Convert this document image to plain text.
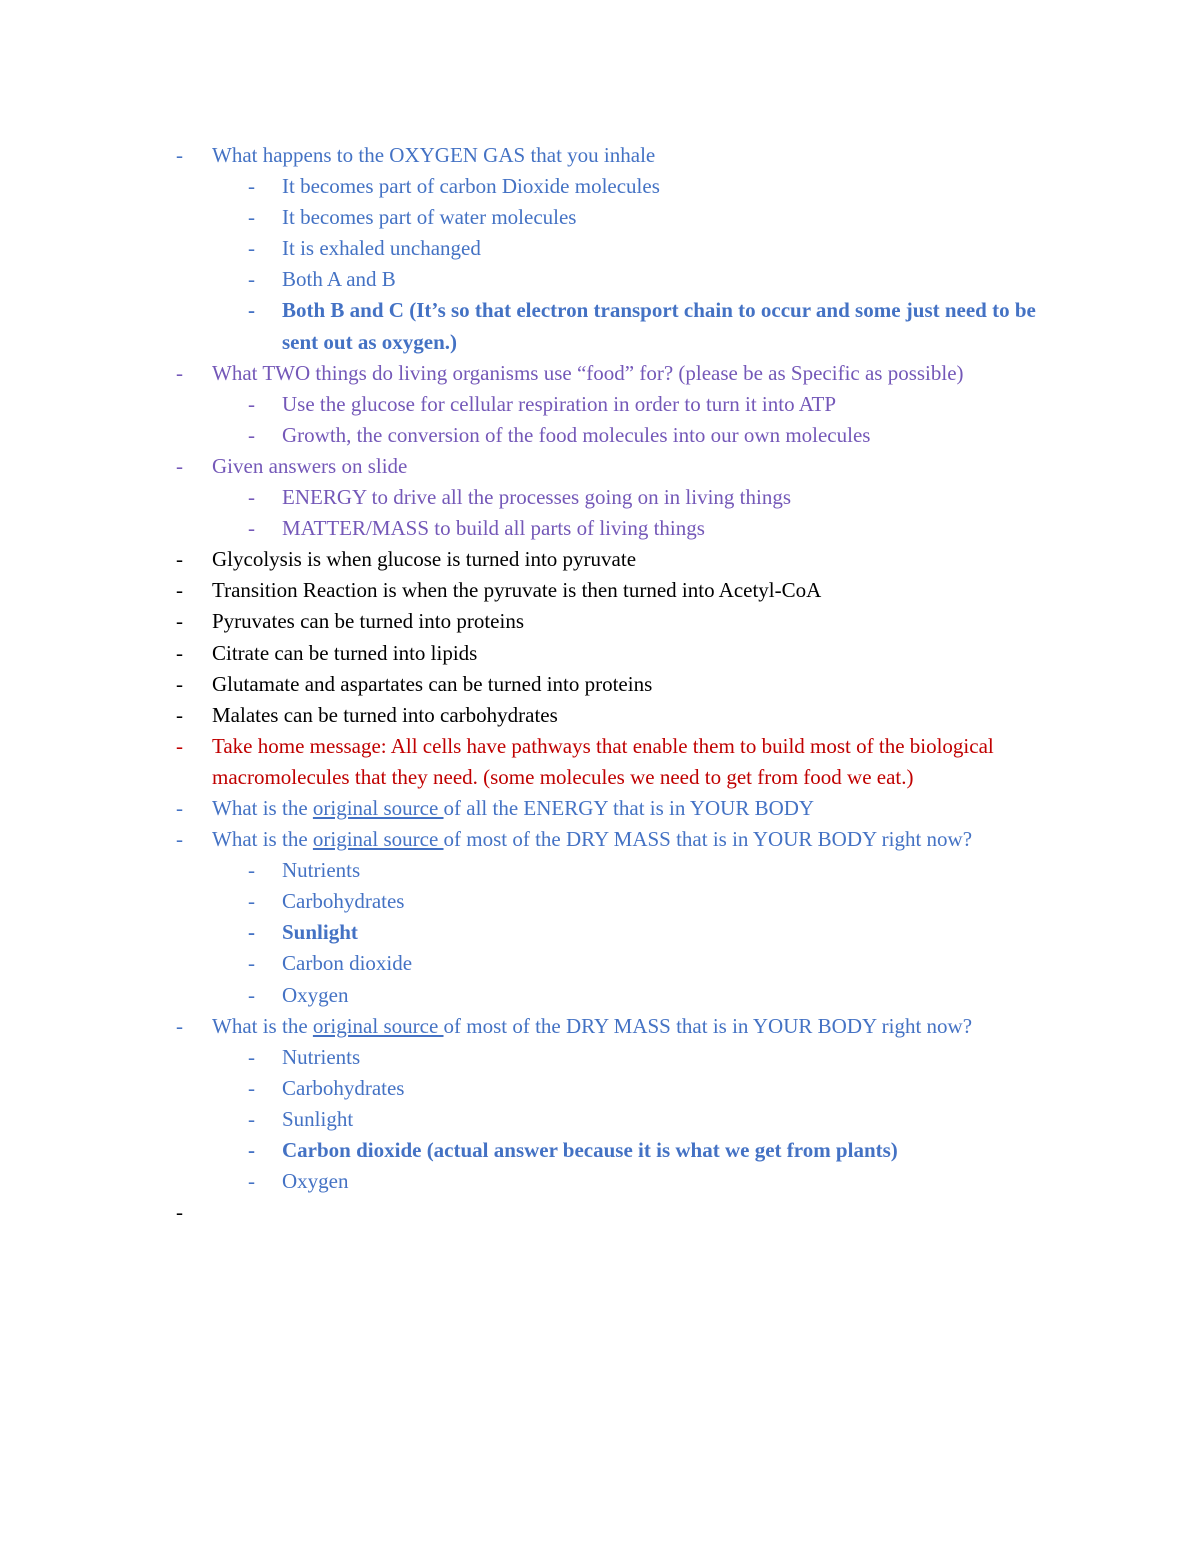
- What happens to the OXYGEN GAS that you inhale
- It becomes part of carbon Dioxide molecules
- It becomes part of water molecules
- It is exhaled unchanged
- Both A and B
- Both B and C (It’s so that electron transport chain to occur and some just need to be sent out as oxygen.)
- What TWO things do living organisms use “food” for? (please be as Specific as possible)
- Use the glucose for cellular respiration in order to turn it into ATP
- Growth, the conversion of the food molecules into our own molecules
- Given answers on slide
- ENERGY to drive all the processes going on in living things
- MATTER/MASS to build all parts of living things
- Glycolysis is when glucose is turned into pyruvate
- Transition Reaction is when the pyruvate is then turned into Acetyl-CoA
- Pyruvates can be turned into proteins
- Citrate can be turned into lipids
- Glutamate and aspartates can be turned into proteins
- Malates can be turned into carbohydrates
- Take home message: All cells have pathways that enable them to build most of the biological macromolecules that they need. (some molecules we need to get from food we eat.)
- What is the original source of all the ENERGY that is in YOUR BODY
- What is the original source of most of the DRY MASS that is in YOUR BODY right now?
- Nutrients
- Carbohydrates
- Sunlight
- Carbon dioxide
- Oxygen
- What is the original source of most of the DRY MASS that is in YOUR BODY right now?
- Nutrients
- Carbohydrates
- Sunlight
- Carbon dioxide (actual answer because it is what we get from plants)
- Oxygen
-
